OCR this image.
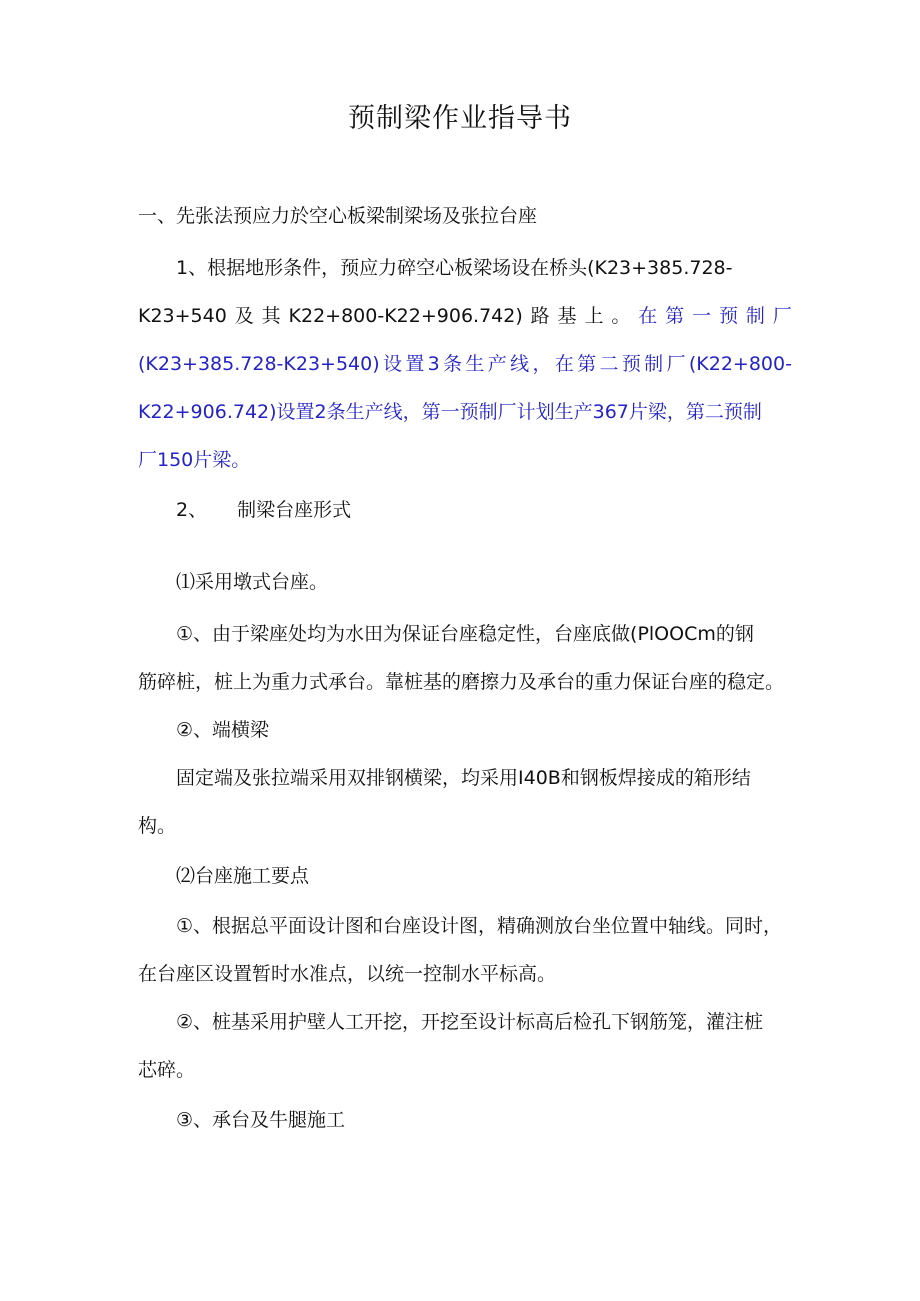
预制梁作业指导书
一、先张法预应力於空心板梁制梁场及张拉台座
1、根据地形条件，预应力碎空心板梁场设在桥头(K23+385.728-
K23+540 及 其 K22+800-K22+906.742) 路 基 上 。 在 第 一 预 制 厂
(K23+385.728-K23+540) 设 置 3 条 生 产 线 ， 在 第 二 预 制 厂 (K22+800-
K22+906.742)设置2条生产线，第一预制厂计划生产367片梁，第二预制
厂150片梁。
2、 制梁台座形式
⑴采用墩式台座。
①、由于梁座处均为水田为保证台座稳定性，台座底做(PlOOCm的钢
筋碎桩，桩上为重力式承台。靠桩基的磨擦力及承台的重力保证台座的稳定。
②、端横梁
固定端及张拉端采用双排钢横梁，均采用I40B和钢板焊接成的箱形结
构。
⑵台座施工要点
①、根据总平面设计图和台座设计图，精确测放台坐位置中轴线。同时，
在台座区设置暂时水准点，以统一控制水平标高。
②、桩基采用护壁人工开挖，开挖至设计标高后检孔下钢筋笼，灌注桩
芯碎。
③、承台及牛腿施工
